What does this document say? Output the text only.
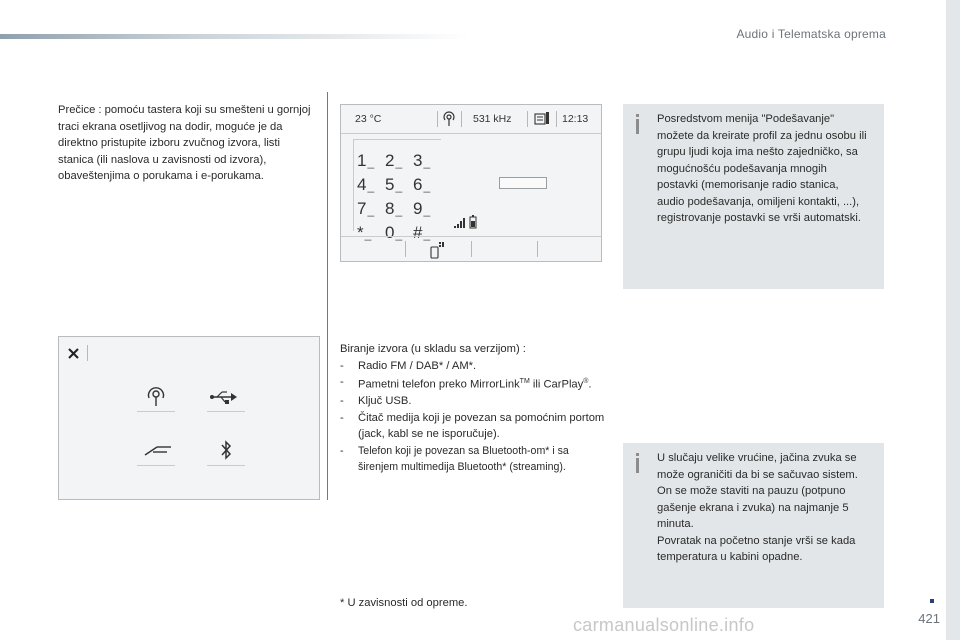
Audio i Telematska oprema
Prečice : pomoću tastera koji su smešteni u gornjoj traci ekrana osetljivog na dodir, moguće je da direktno pristupite izboru zvučnog izvora, listi stanica (ili naslova u zavisnosti od izvora), obaveštenjima o porukama i e-porukama.
23 °C	531 kHz	12:13
1_ 2_ 3_
4_ 5_ 6_
7_ 8_ 9_
*_ 0_ #_
Biranje izvora (u skladu sa verzijom) :
- Radio FM / DAB* / AM*.
- Pametni telefon preko MirrorLink™ ili CarPlay®.
- Ključ USB.
- Čitač medija koji je povezan sa pomoćnim portom (jack, kabl se ne isporučuje).
- Telefon koji je povezan sa Bluetooth-om* i sa širenjem multimedija Bluetooth* (streaming).
Posredstvom menija "Podešavanje" možete da kreirate profil za jednu osobu ili grupu ljudi koja ima nešto zajedničko, sa mogućnošću podešavanja mnogih postavki (memorisanje radio stanica, audio podešavanja, omiljeni kontakti, ...), registrovanje postavki se vrši automatski.
U slučaju velike vrućine, jačina zvuka se može ograničiti da bi se sačuvao sistem. On se može staviti na pauzu (potpuno gašenje ekrana i zvuka) na najmanje 5 minuta.
Povratak na početno stanje vrši se kada temperatura u kabini opadne.
* U zavisnosti od opreme.
421
carmanualsonline.info
